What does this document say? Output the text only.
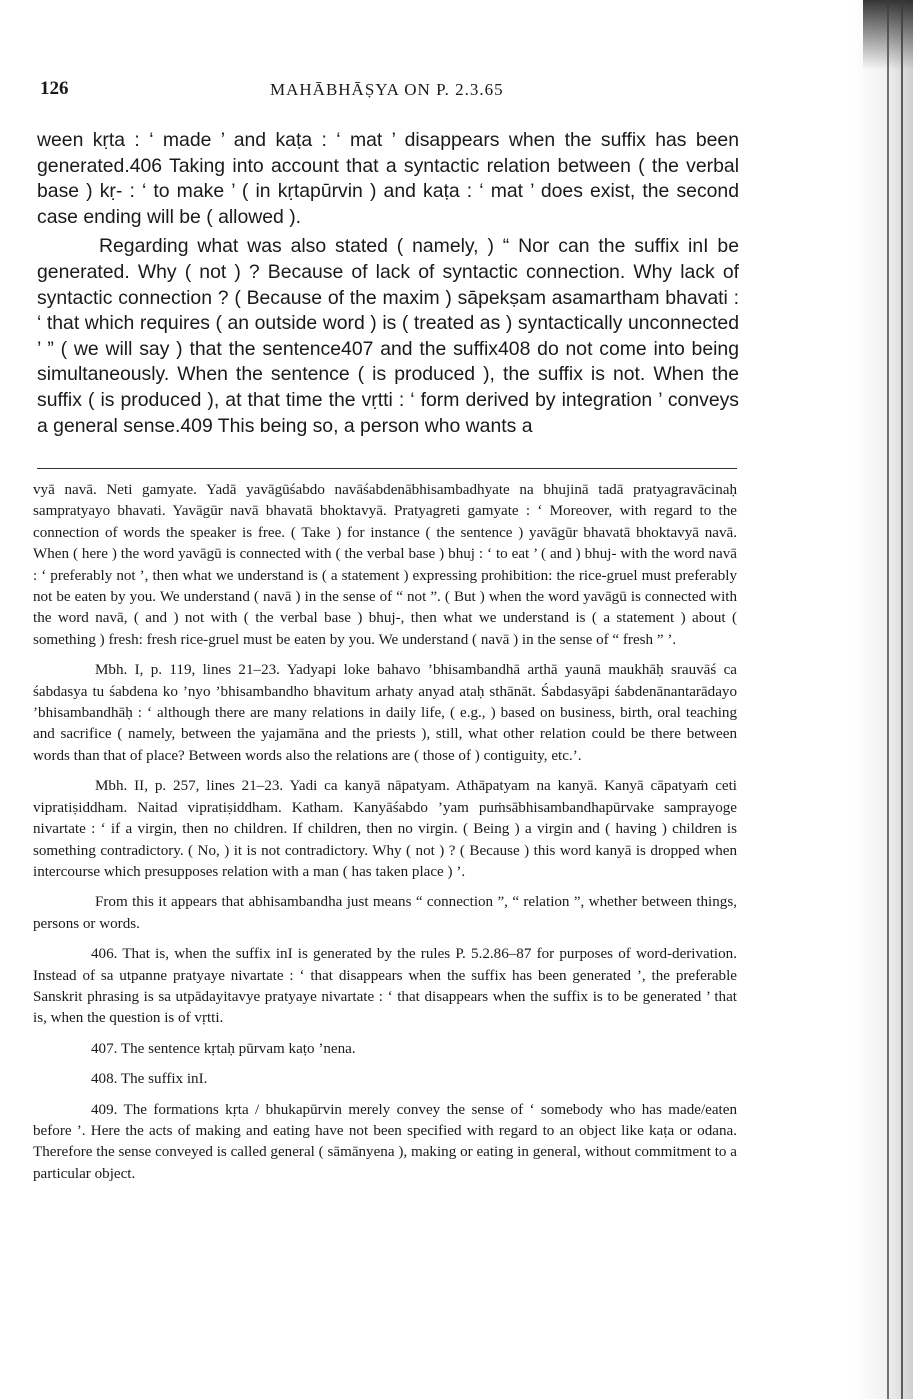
126	MAHĀBHĀṢYA ON P. 2.3.65

ween kṛta : ‘ made ’ and kaṭa : ‘ mat ’ disappears when the suffix has been generated.406 Taking into account that a syntactic relation between ( the verbal base ) kṛ- : ‘ to make ’ ( in kṛtapūrvin ) and kaṭa : ‘ mat ’ does exist, the second case ending will be ( allowed ).

Regarding what was also stated ( namely, ) “ Nor can the suffix inI be generated. Why ( not ) ? Because of lack of syntactic connection. Why lack of syntactic connection ? ( Because of the maxim ) sāpekṣam asamartham bhavati : ‘ that which requires ( an outside word ) is ( treated as ) syntactically unconnected ’ ” ( we will say ) that the sentence407 and the suffix408 do not come into being simultaneously. When the sentence ( is produced ), the suffix is not. When the suffix ( is produced ), at that time the vṛtti : ‘ form derived by integration ’ conveys a general sense.409 This being so, a person who wants a

vyā navā. Neti gamyate. Yadā yavāgūśabdo navāśabdenābhisambadhyate na bhujinā tadā pratyagravācinaḥ sampratyayo bhavati. Yavāgūr navā bhavatā bhoktavyā. Pratyagreti gamyate : ‘ Moreover, with regard to the connection of words the speaker is free. ( Take ) for instance ( the sentence ) yavāgūr bhavatā bhoktavyā navā. When ( here ) the word yavāgū is connected with ( the verbal base ) bhuj : ‘ to eat ’ ( and ) bhuj- with the word navā : ‘ preferably not ’, then what we understand is ( a statement ) expressing prohibition: the rice-gruel must preferably not be eaten by you. We understand ( navā ) in the sense of “ not ”. ( But ) when the word yavāgū is connected with the word navā, ( and ) not with ( the verbal base ) bhuj-, then what we understand is ( a statement ) about ( something ) fresh: fresh rice-gruel must be eaten by you. We understand ( navā ) in the sense of “ fresh ” ’.

Mbh. I, p. 119, lines 21–23. Yadyapi loke bahavo ’bhisambandhā arthā yaunā maukhāḥ srauvāś ca śabdasya tu śabdena ko ’nyo ’bhisambandho bhavitum arhaty anyad ataḥ sthānāt. Śabdasyāpi śabdenānantarādayo ’bhisambandhāḥ : ‘ although there are many relations in daily life, ( e.g., ) based on business, birth, oral teaching and sacrifice ( namely, between the yajamāna and the priests ), still, what other relation could be there between words than that of place? Between words also the relations are ( those of ) contiguity, etc.’.

Mbh. II, p. 257, lines 21–23. Yadi ca kanyā nāpatyam. Athāpatyam na kanyā. Kanyā cāpatyaṁ ceti vipratiṣiddham. Naitad vipratiṣiddham. Katham. Kanyāśabdo ’yam puṁsābhisambandhapūrvake samprayoge nivartate : ‘ if a virgin, then no children. If children, then no virgin. ( Being ) a virgin and ( having ) children is something contradictory. ( No, ) it is not contradictory. Why ( not ) ? ( Because ) this word kanyā is dropped when intercourse which presupposes relation with a man ( has taken place ) ’.

From this it appears that abhisambandha just means “ connection ”, “ relation ”, whether between things, persons or words.

406. That is, when the suffix inI is generated by the rules P. 5.2.86–87 for purposes of word-derivation. Instead of sa utpanne pratyaye nivartate : ‘ that disappears when the suffix has been generated ’, the preferable Sanskrit phrasing is sa utpādayitavye pratyaye nivartate : ‘ that disappears when the suffix is to be generated ’ that is, when the question is of vṛtti.

407. The sentence kṛtaḥ pūrvam kaṭo ’nena.

408. The suffix inI.

409. The formations kṛta / bhukapūrvin merely convey the sense of ‘ somebody who has made/eaten before ’. Here the acts of making and eating have not been specified with regard to an object like kaṭa or odana. Therefore the sense conveyed is called general ( sāmānyena ), making or eating in general, without commitment to a particular object.
